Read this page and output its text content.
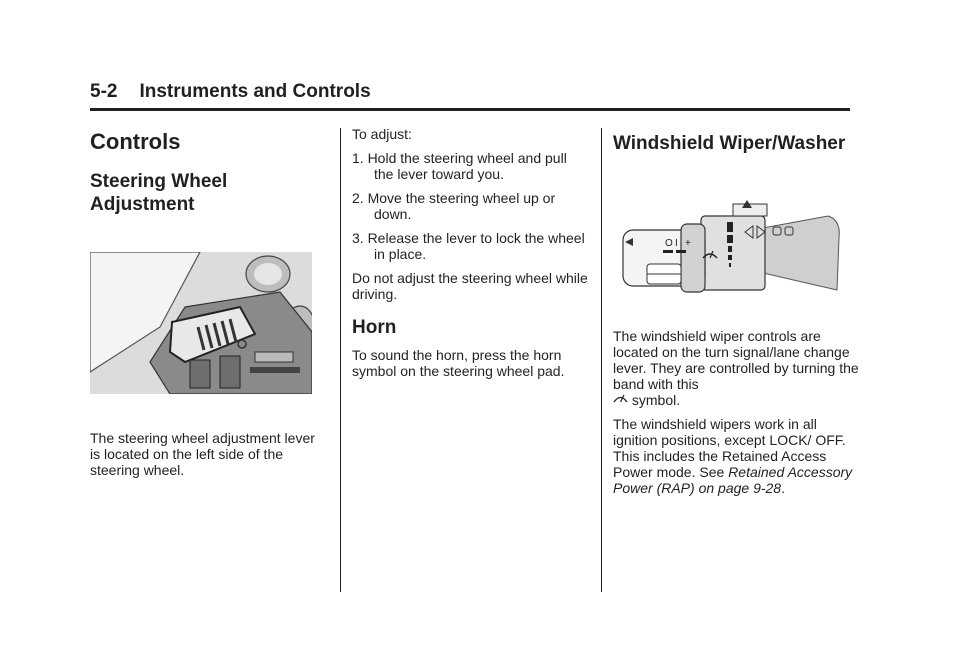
5-2 Instruments and Controls
Controls
Steering Wheel Adjustment

The steering wheel adjustment lever is located on the left side of the steering wheel.

To adjust:

1. Hold the steering wheel and pull the lever toward you.
2. Move the steering wheel up or down.
3. Release the lever to lock the wheel in place.

Do not adjust the steering wheel while driving.

Horn

To sound the horn, press the horn symbol on the steering wheel pad.

Windshield Wiper/Washer
O I +

The windshield wiper controls are located on the turn signal/lane change lever. They are controlled by turning the band with this
symbol.

The windshield wipers work in all ignition positions, except LOCK/ OFF. This includes the Retained Access Power mode. See Retained Accessory Power (RAP) on page 9-28.
